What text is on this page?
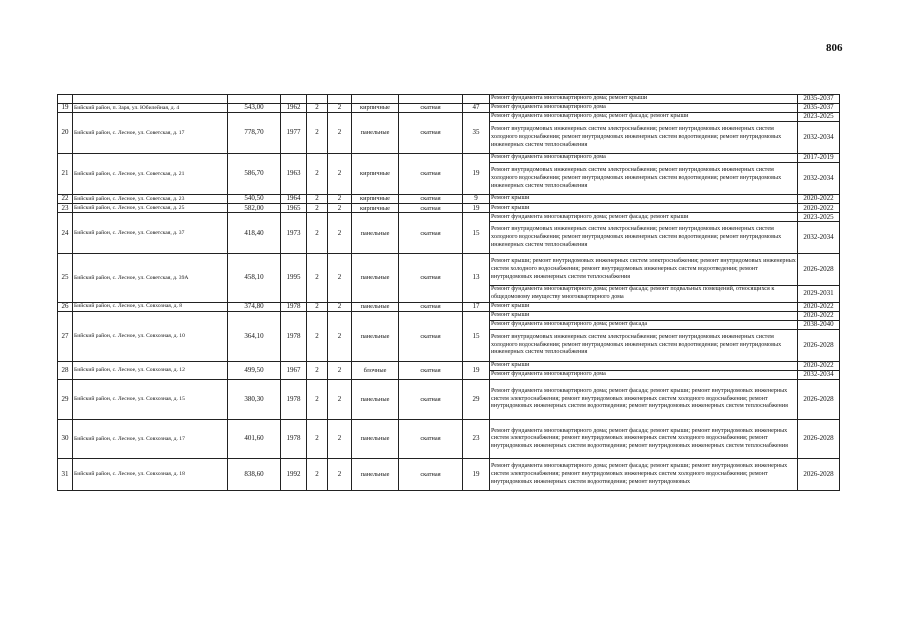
806
									Ремонт фундамента многоквартирного дома; ремонт крыши	2035-2037
19	Бийский район, п. Заря, ул. Юбилейная, д. 4	543,00	1962	2	2	кирпичные	скатная	47	Ремонт фундамента многоквартирного дома	2035-2037
20	Бийский район, с. Лесное, ул. Советская, д. 17	778,70	1977	2	2	панельные	скатная	35	Ремонт фундамента многоквартирного дома; ремонт фасада; ремонт крыши	2023-2025
									Ремонт внутридомовых инженерных систем электроснабжения; ремонт внутридомовых инженерных систем холодного водоснабжения; ремонт внутридомовых инженерных систем водоотведения; ремонт внутридомовых инженерных систем теплоснабжения	2032-2034
21	Бийский район, с. Лесное, ул. Советская, д. 21	586,70	1963	2	2	кирпичные	скатная	19	Ремонт фундамента многоквартирного дома	2017-2019
									Ремонт внутридомовых инженерных систем электроснабжения; ремонт внутридомовых инженерных систем холодного водоснабжения; ремонт внутридомовых инженерных систем водоотведения; ремонт внутридомовых инженерных систем теплоснабжения	2032-2034
22	Бийский район, с. Лесное, ул. Советская, д. 23	540,50	1964	2	2	кирпичные	скатная	9	Ремонт крыши	2020-2022
23	Бийский район, с. Лесное, ул. Советская, д. 25	582,00	1965	2	2	кирпичные	скатная	19	Ремонт крыши	2020-2022
24	Бийский район, с. Лесное, ул. Советская, д. 37	418,40	1973	2	2	панельные	скатная	15	Ремонт фундамента многоквартирного дома; ремонт фасада; ремонт крыши	2023-2025
									Ремонт внутридомовых инженерных систем электроснабжения; ремонт внутридомовых инженерных систем холодного водоснабжения; ремонт внутридомовых инженерных систем водоотведения; ремонт внутридомовых инженерных систем теплоснабжения	2032-2034
25	Бийский район, с. Лесное, ул. Советская, д. 39А	458,10	1995	2	2	панельные	скатная	13	Ремонт крыши; ремонт внутридомовых инженерных систем электроснабжения; ремонт внутридомовых инженерных систем холодного водоснабжения; ремонт внутридомовых инженерных систем водоотведения; ремонт внутридомовых инженерных систем теплоснабжения	2026-2028
									Ремонт фундамента многоквартирного дома; ремонт фасада; ремонт подвальных помещений, относящихся к общедомовому имуществу многоквартирного дома	2029-2031
26	Бийский район, с. Лесное, ул. Совхозная, д. 8	374,80	1978	2	2	панельные	скатная	17	Ремонт крыши	2020-2022
27	Бийский район, с. Лесное, ул. Совхозная, д. 10	364,10	1978	2	2	панельные	скатная	15	Ремонт крыши	2020-2022
									Ремонт фундамента многоквартирного дома; ремонт фасада	2038-2040
									Ремонт внутридомовых инженерных систем электроснабжения; ремонт внутридомовых инженерных систем холодного водоснабжения; ремонт внутридомовых инженерных систем водоотведения; ремонт внутридомовых инженерных систем теплоснабжения	2026-2028
28	Бийский район, с. Лесное, ул. Совхозная, д. 12	499,50	1967	2	2	блочные	скатная	19	Ремонт крыши	2020-2022
									Ремонт фундамента многоквартирного дома	2032-2034
29	Бийский район, с. Лесное, ул. Совхозная, д. 15	380,30	1978	2	2	панельные	скатная	29	Ремонт фундамента многоквартирного дома; ремонт фасада; ремонт крыши; ремонт внутридомовых инженерных систем электроснабжения; ремонт внутридомовых инженерных систем холодного водоснабжения; ремонт внутридомовых инженерных систем водоотведения; ремонт внутридомовых инженерных систем теплоснабжения	2026-2028
30	Бийский район, с. Лесное, ул. Совхозная, д. 17	401,60	1978	2	2	панельные	скатная	23	Ремонт фундамента многоквартирного дома; ремонт фасада; ремонт крыши; ремонт внутридомовых инженерных систем электроснабжения; ремонт внутридомовых инженерных систем холодного водоснабжения; ремонт внутридомовых инженерных систем водоотведения; ремонт внутридомовых инженерных систем теплоснабжения	2026-2028
31	Бийский район, с. Лесное, ул. Совхозная, д. 18	838,60	1992	2	2	панельные	скатная	19	Ремонт фундамента многоквартирного дома; ремонт фасада; ремонт крыши; ремонт внутридомовых инженерных систем электроснабжения; ремонт внутридомовых инженерных систем холодного водоснабжения; ремонт внутридомовых инженерных систем водоотведения; ремонт внутридомовых	2026-2028
